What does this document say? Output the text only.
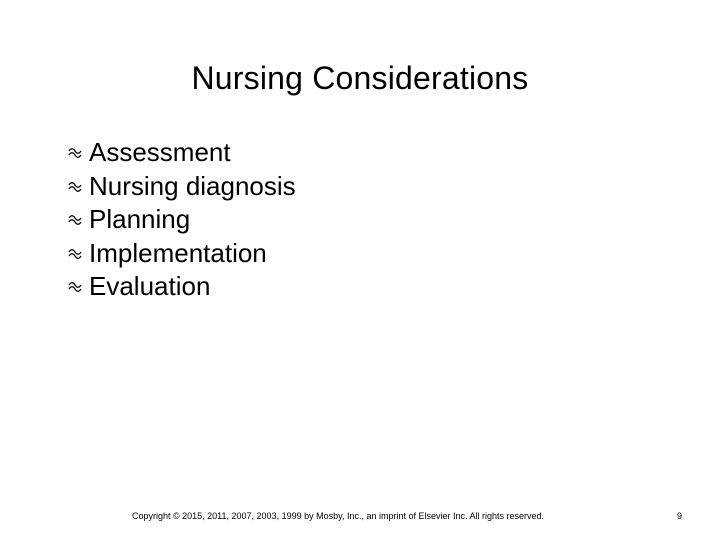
Nursing Considerations
Assessment
Nursing diagnosis
Planning
Implementation
Evaluation
Copyright © 2015, 2011, 2007, 2003, 1999 by Mosby, Inc., an imprint of Elsevier Inc. All rights reserved.	9
